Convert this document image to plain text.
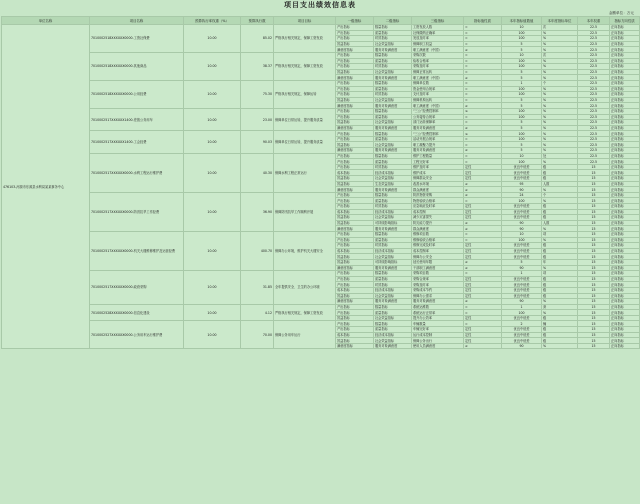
项目支出绩效信息表
金额单位：万元
单位名称	项目名称	预算执行率权重（%）	预算执行数	项目目标	一级指标	二级指标	三级指标	指标值性质	本年指标值数值	本年度指标单位	本年权重	指标方向性质
476103-河源市东源县水利局某某事务中心	7010002518XXXXXX0000-工资社保费	10.00	85.02	严格执行相关规定，保障工资发放	产出指标	数量指标	工资发放人数	=	10	次	22.5	正向指标
					产出指标	质量指标	社保缴纳正确率	=	100	%	22.5	正向指标
					产出指标	时效指标	发放及时率	=	100	%	22.5	正向指标
					效益指标	社会效益指标	保障职工权益	=	5	%	22.5	正向指标
					满意度指标	服务对象满意度	职工满意度（中国）	≥	5	%	22.5	正向指标
	7010002518XXXXXX0000-其他商品	10.00	38.37	严格执行相关规定，保障工资发放	产出指标	数量指标	采购次数	=	10	次	22.5	正向指标
					产出指标	质量指标	验收合格率	=	100	%	22.5	正向指标
					产出指标	时效指标	采购及时率	=	100	%	22.5	正向指标
					效益指标	社会效益指标	保障正常运转	=	5	%	22.5	正向指标
					满意度指标	服务对象满意度	职工满意度（中国）	≥	5	%	22.5	正向指标
	7010002518XXXXXX0000-公用经费	10.00	75.30	严格执行相关规定，保障运转	产出指标	数量指标	保障单位数	=	1	个	22.5	正向指标
					产出指标	质量指标	资金使用合规率	=	100	%	22.5	正向指标
					产出指标	时效指标	支付及时率	=	100	%	22.5	正向指标
					效益指标	社会效益指标	保障机构运转	=	5	%	22.5	正向指标
					满意度指标	服务对象满意度	职工满意度（中国）	≥	5	%	22.5	正向指标
	7010002517XXXXXX1400-差旅公务用车	10.00	23.00	保障单位日常运转，提升服务质量	产出指标	数量指标	“三公”经费控制率	≤	100	%	22.5	正向指标
					产出指标	质量指标	公务接待合规率	=	100	%	22.5	正向指标
					效益指标	社会效益指标	部门运转保障率	=	5	%	22.5	正向指标
					满意度指标	服务对象满意度	服务对象满意度	≥	5	%	22.5	正向指标
	7010002517XXXXXX1400-工会经费	10.00	90.03	保障单位日常运转，提升服务质量	产出指标	数量指标	“三公”经费控制率	≤	100	%	22.5	正向指标
					产出指标	质量指标	活动开展合规率	=	100	%	22.5	正向指标
					效益指标	社会效益指标	职工凝聚力提升	=	5	%	22.5	正向指标
					满意度指标	服务对象满意度	服务对象满意度	≥	5	%	22.5	正向指标
	7010002517XXXXXX0000-水利工程运行维护费	10.00	40.30	保障水利工程正常运行	产出指标	数量指标	维护工程数量	=	10	处	22.5	正向指标
					产出指标	质量指标	工程完好率	=	100	%	22.5	正向指标
					产出指标	时效指标	维护及时率	定性	优良中低差	级	15	正向指标
					成本指标	经济成本指标	维护成本	定性	优良中低差	级	15	正向指标
					效益指标	社会效益指标	保障群众安全	定性	优良中低差	级	15	正向指标
					效益指标	生态效益指标	改善水环境	≥	95	人数	15	正向指标
					满意度指标	服务对象满意度	群众满意度	≥	90	%	15	正向指标
	7010002517XXXXXX0000-防汛抗旱工作经费	10.00	36.90	保障防汛抗旱工作顺利开展	产出指标	数量指标	防汛物资采购	≥	24	个	15	正向指标
					产出指标	质量指标	物资验收合格率	=	100	%	15	正向指标
					产出指标	时效指标	应急响应及时率	定性	优良中低差	级	15	正向指标
					成本指标	经济成本指标	成本控制	定性	优良中低差	级	15	正向指标
					效益指标	社会效益指标	减少灾害损失	定性	优良中低差	级	15	正向指标
					效益指标	可持续影响指标	防灾能力提升	≥	90	人数	15	正向指标
					满意度指标	服务对象满意度	群众满意度	≥	90	%	15	正向指标
	7010002517XXXXXX0000-机关大楼维修维护及运营经费	10.00	400.70	保障办公环境，维护机关大楼安全	产出指标	数量指标	维修项目数	=	10	项	15	正向指标
					产出指标	质量指标	维修验收合格率	=	100	%	15	正向指标
					产出指标	时效指标	维修完成及时率	定性	优良中低差	级	15	正向指标
					成本指标	经济成本指标	成本控制率	定性	优良中低差	级	15	正向指标
					效益指标	社会效益指标	保障办公安全	定性	优良中低差	级	15	正向指标
					效益指标	可持续影响指标	延长使用年限	≥	5	年	15	正向指标
					满意度指标	服务对象满意度	干部职工满意度	≥	90	%	15	正向指标
	7010002517XXXXXX0000-政府采购	10.00	31.85	全年提供安全、卫生的办公环境	产出指标	数量指标	采购项目数	=	1	项	15	正向指标
					产出指标	质量指标	采购合规率	定性	优良中低差	级	15	正向指标
					产出指标	时效指标	采购及时率	定性	优良中低差	级	15	正向指标
					成本指标	经济成本指标	采购成本节约	定性	优良中低差	级	15	正向指标
					效益指标	社会效益指标	保障办公需求	定性	优良中低差	级	15	正向指标
					满意度指标	服务对象满意度	服务对象满意度	≥	90	%	15	正向指标
	7010002528XXXXXX0000-信息化建设	10.00	4.12	严格执行相关规定，保障工资发放	产出指标	数量指标	系统运维数	=	1	套	15	正向指标
					产出指标	质量指标	系统运行正常率	=	100	%	15	正向指标
					效益指标	社会效益指标	提升办公效率	定性	优良中低差	级	15	正向指标
	7010002527XXXXXX0000-公务用车运行维护费	10.00	70.00	保障公务用车运行	产出指标	数量指标	车辆数量	=	2	辆	15	正向指标
					产出指标	质量指标	车辆完好率	定性	优良中低差	级	15	正向指标
					成本指标	经济成本指标	运行成本控制	定性	优良中低差	级	15	正向指标
					效益指标	社会效益指标	保障公务出行	定性	优良中低差	级	15	正向指标
					满意度指标	服务对象满意度	使用人员满意度	≥	90	%	15	正向指标
